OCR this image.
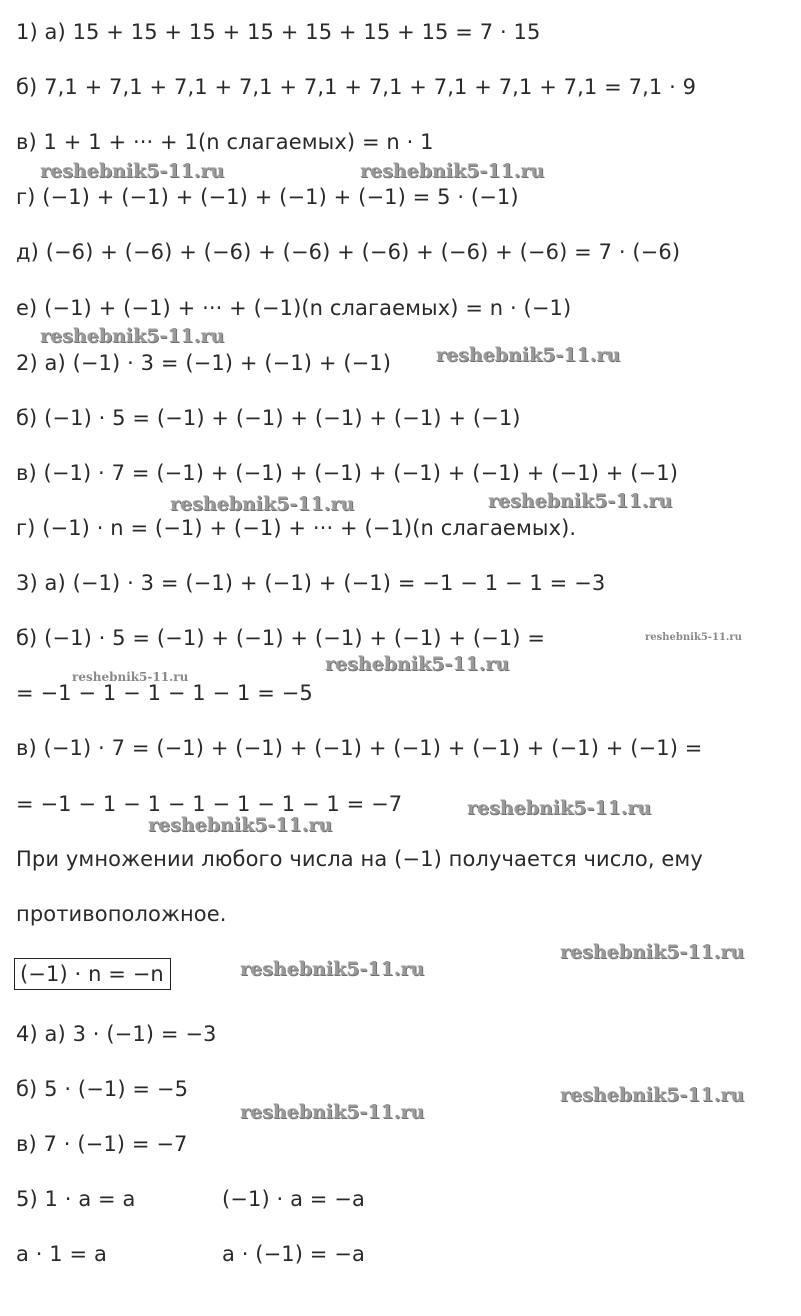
1) а) 15 + 15 + 15 + 15 + 15 + 15 + 15 = 7 · 15
б) 7,1 + 7,1 + 7,1 + 7,1 + 7,1 + 7,1 + 7,1 + 7,1 + 7,1 = 7,1 · 9
в) 1 + 1 + ··· + 1(n слагаемых) = n · 1
г) (−1) + (−1) + (−1) + (−1) + (−1) = 5 · (−1)
д) (−6) + (−6) + (−6) + (−6) + (−6) + (−6) + (−6) = 7 · (−6)
е) (−1) + (−1) + ··· + (−1)(n слагаемых) = n · (−1)
2) а) (−1) · 3 = (−1) + (−1) + (−1)
б) (−1) · 5 = (−1) + (−1) + (−1) + (−1) + (−1)
в) (−1) · 7 = (−1) + (−1) + (−1) + (−1) + (−1) + (−1) + (−1)
г) (−1) · n = (−1) + (−1) + ··· + (−1)(n слагаемых).
3) а) (−1) · 3 = (−1) + (−1) + (−1) = −1 − 1 − 1 = −3
б) (−1) · 5 = (−1) + (−1) + (−1) + (−1) + (−1) =
= −1 − 1 − 1 − 1 − 1 = −5
в) (−1) · 7 = (−1) + (−1) + (−1) + (−1) + (−1) + (−1) + (−1) =
= −1 − 1 − 1 − 1 − 1 − 1 − 1 = −7
При умножении любого числа на (−1) получается число, ему
противоположное.
(−1) · n = −n
4) а) 3 · (−1) = −3
б) 5 · (−1) = −5
в) 7 · (−1) = −7
5) 1 · a = a	(−1) · a = −a
a · 1 = a	a · (−1) = −a
reshebnik5-11.ru	reshebnik5-11.ru
reshebnik5-11.ru
reshebnik5-11.ru
reshebnik5-11.ru	reshebnik5-11.ru
reshebnik5-11.ru
reshebnik5-11.ru
reshebnik5-11.ru
reshebnik5-11.ru
reshebnik5-11.ru
reshebnik5-11.ru
reshebnik5-11.ru
reshebnik5-11.ru
reshebnik5-11.ru
